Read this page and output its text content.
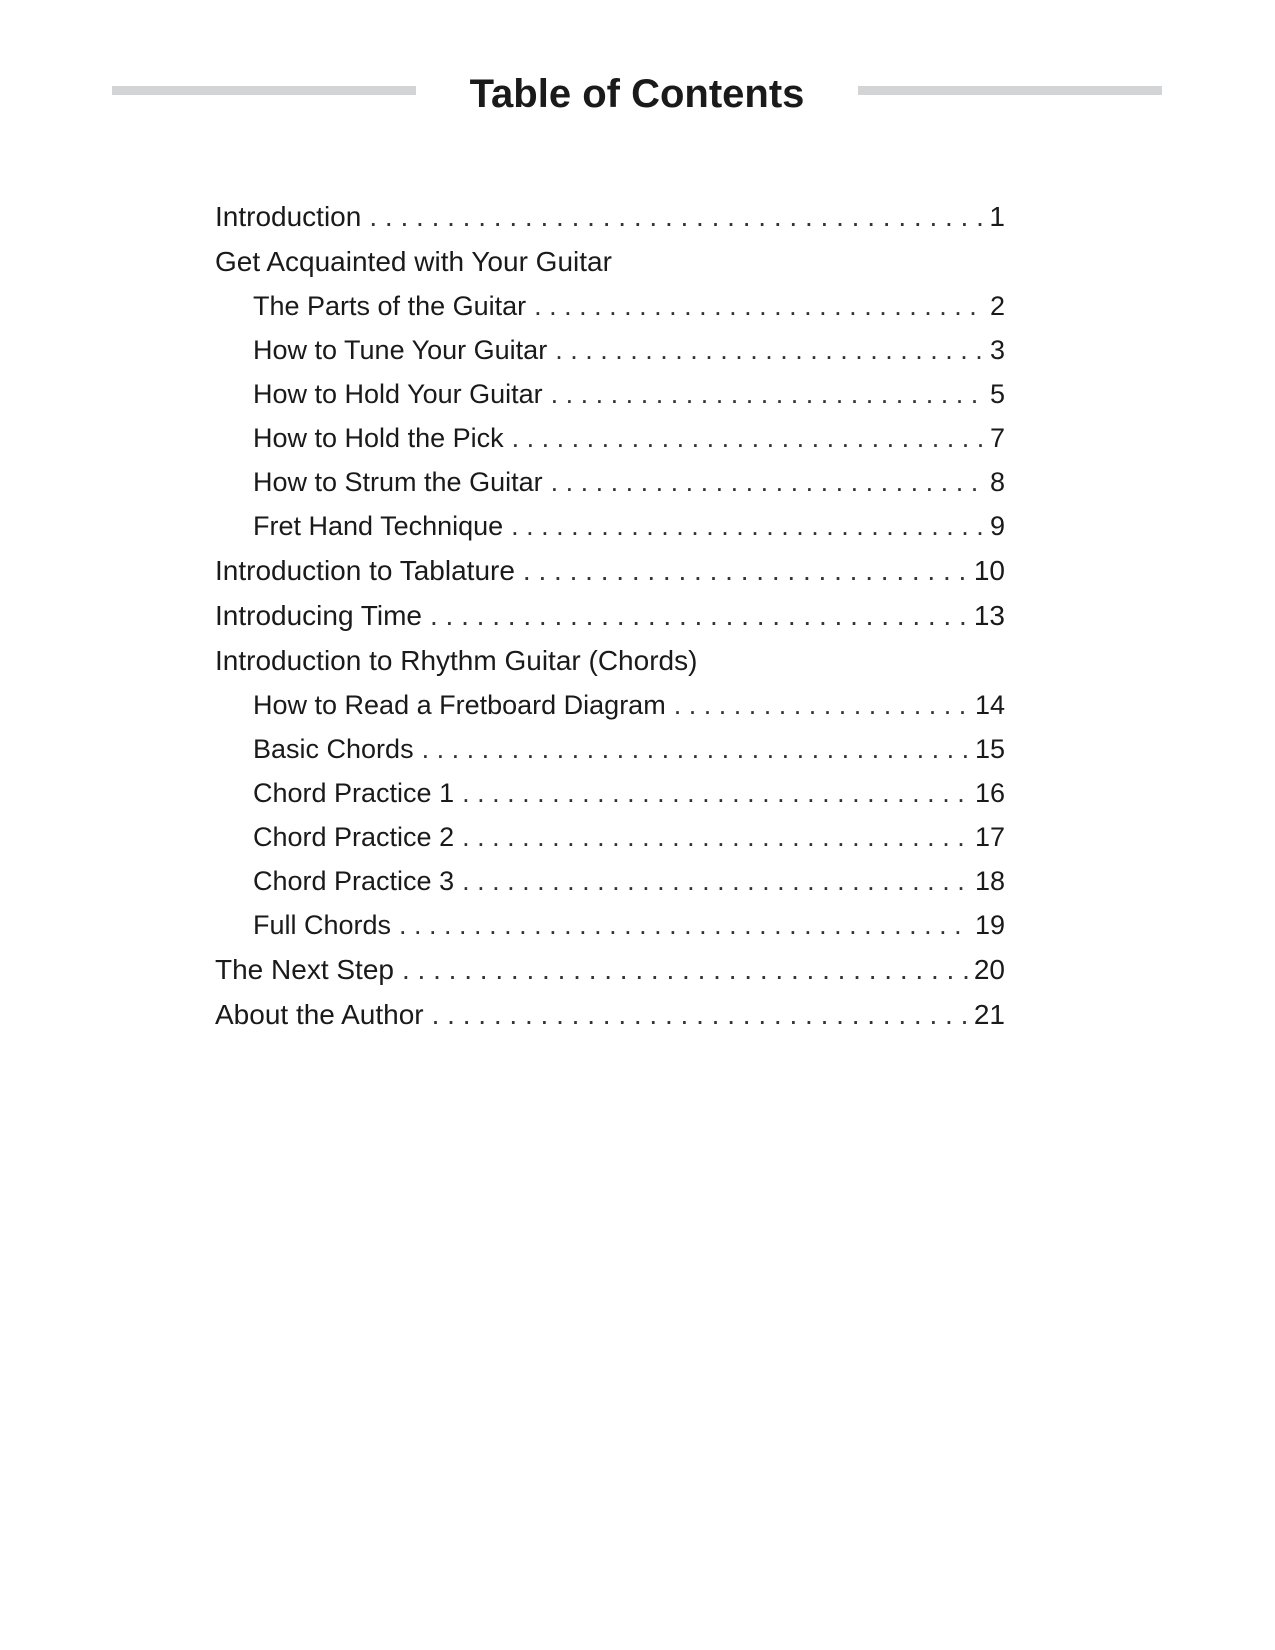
Table of Contents
Introduction . . .	1
Get Acquainted with Your Guitar
The Parts of the Guitar . . .	2
How to Tune Your Guitar . . .	3
How to Hold Your Guitar . . .	5
How to Hold the Pick . . .	7
How to Strum the Guitar . . .	8
Fret Hand Technique . . .	9
Introduction to Tablature . . .	10
Introducing Time . . .	13
Introduction to Rhythm Guitar (Chords)
How to Read a Fretboard Diagram . . .	14
Basic Chords . . .	15
Chord Practice 1 . . .	16
Chord Practice 2 . . .	17
Chord Practice 3 . . .	18
Full Chords . . .	19
The Next Step . . .	20
About the Author . . .	21
